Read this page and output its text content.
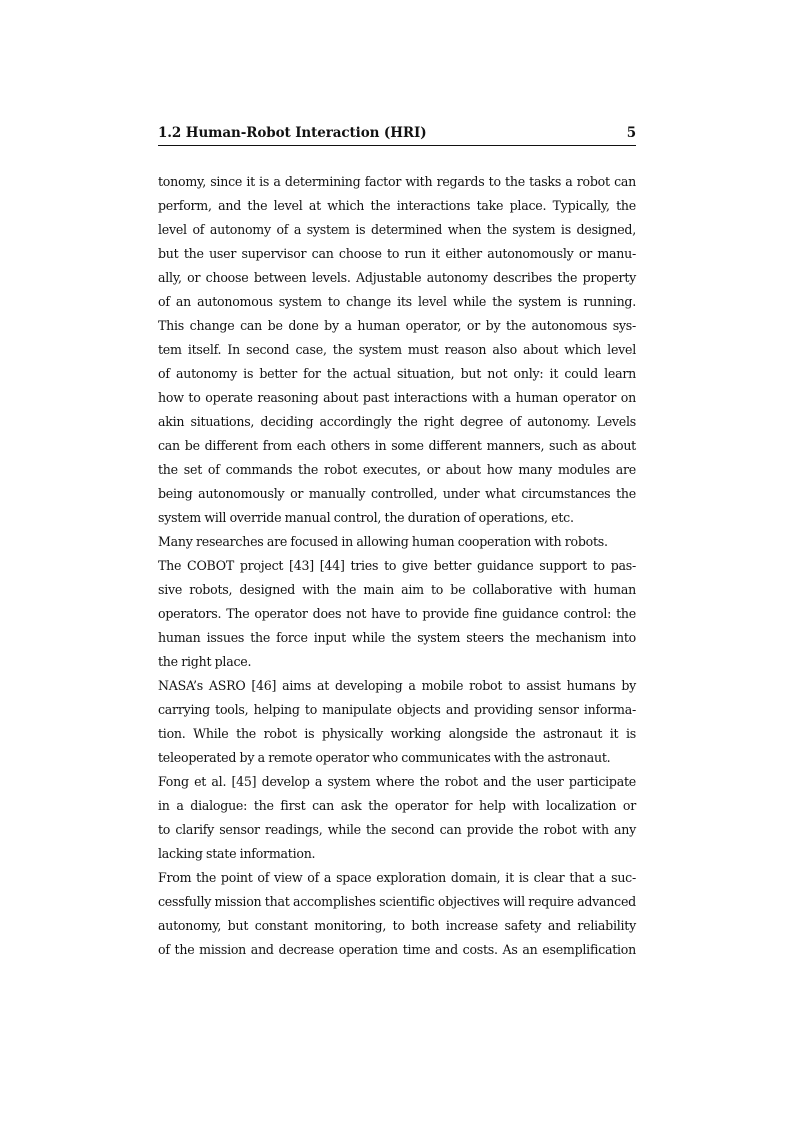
1.2 Human-Robot Interaction (HRI)	5
tonomy, since it is a determining factor with regards to the tasks a robot can
perform, and the level at which the interactions take place. Typically, the
level of autonomy of a system is determined when the system is designed,
but the user supervisor can choose to run it either autonomously or manu-
ally, or choose between levels. Adjustable autonomy describes the property
of an autonomous system to change its level while the system is running.
This change can be done by a human operator, or by the autonomous sys-
tem itself. In second case, the system must reason also about which level
of autonomy is better for the actual situation, but not only: it could learn
how to operate reasoning about past interactions with a human operator on
akin situations, deciding accordingly the right degree of autonomy. Levels
can be different from each others in some different manners, such as about
the set of commands the robot executes, or about how many modules are
being autonomously or manually controlled, under what circumstances the
system will override manual control, the duration of operations, etc.
Many researches are focused in allowing human cooperation with robots.
The COBOT project [43] [44] tries to give better guidance support to pas-
sive robots, designed with the main aim to be collaborative with human
operators. The operator does not have to provide fine guidance control: the
human issues the force input while the system steers the mechanism into
the right place.
NASA’s ASRO [46] aims at developing a mobile robot to assist humans by
carrying tools, helping to manipulate objects and providing sensor informa-
tion. While the robot is physically working alongside the astronaut it is
teleoperated by a remote operator who communicates with the astronaut.
Fong et al. [45] develop a system where the robot and the user participate
in a dialogue: the first can ask the operator for help with localization or
to clarify sensor readings, while the second can provide the robot with any
lacking state information.
From the point of view of a space exploration domain, it is clear that a suc-
cessfully mission that accomplishes scientific objectives will require advanced
autonomy, but constant monitoring, to both increase safety and reliability
of the mission and decrease operation time and costs. As an esemplification
